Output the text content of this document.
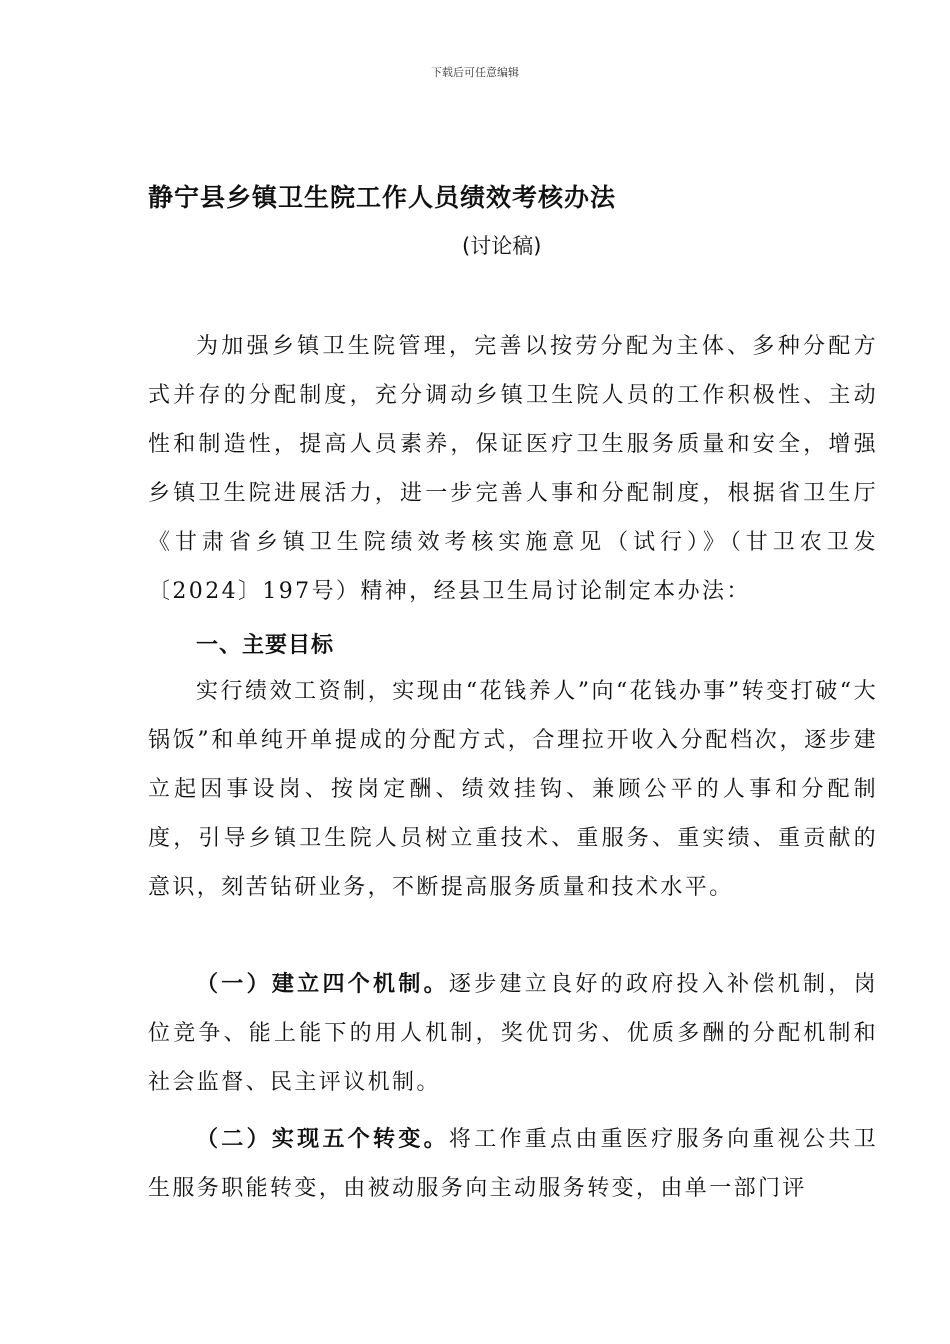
下载后可任意编辑
静宁县乡镇卫生院工作人员绩效考核办法
(讨论稿)

为加强乡镇卫生院管理，完善以按劳分配为主体、多种分配方式并存的分配制度，充分调动乡镇卫生院人员的工作积极性、主动性和制造性，提高人员素养，保证医疗卫生服务质量和安全，增强乡镇卫生院进展活力，进一步完善人事和分配制度，根据省卫生厅《甘肃省乡镇卫生院绩效考核实施意见（试行）》（甘卫农卫发〔2024〕197号）精神，经县卫生局讨论制定本办法：

一、主要目标

实行绩效工资制，实现由“花钱养人”向“花钱办事”转变打破“大锅饭”和单纯开单提成的分配方式，合理拉开收入分配档次，逐步建立起因事设岗、按岗定酬、绩效挂钩、兼顾公平的人事和分配制度，引导乡镇卫生院人员树立重技术、重服务、重实绩、重贡献的意识，刻苦钻研业务，不断提高服务质量和技术水平。

（一）建立四个机制。逐步建立良好的政府投入补偿机制，岗位竞争、能上能下的用人机制，奖优罚劣、优质多酬的分配机制和社会监督、民主评议机制。

（二）实现五个转变。将工作重点由重医疗服务向重视公共卫生服务职能转变，由被动服务向主动服务转变，由单一部门评
